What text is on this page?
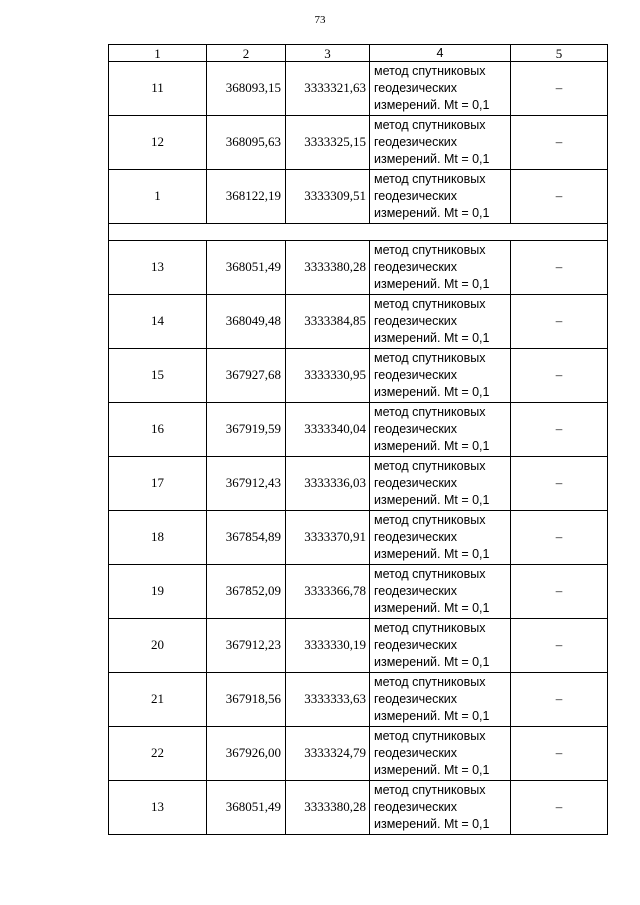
73
1	2	3	4	5
11	368093,15	3333321,63	метод спутниковых
геодезических
измерений. Mt = 0,1	–
12	368095,63	3333325,15	метод спутниковых
геодезических
измерений. Mt = 0,1	–
1	368122,19	3333309,51	метод спутниковых
геодезических
измерений. Mt = 0,1	–

13	368051,49	3333380,28	метод спутниковых
геодезических
измерений. Mt = 0,1	–
14	368049,48	3333384,85	метод спутниковых
геодезических
измерений. Mt = 0,1	–
15	367927,68	3333330,95	метод спутниковых
геодезических
измерений. Mt = 0,1	–
16	367919,59	3333340,04	метод спутниковых
геодезических
измерений. Mt = 0,1	–
17	367912,43	3333336,03	метод спутниковых
геодезических
измерений. Mt = 0,1	–
18	367854,89	3333370,91	метод спутниковых
геодезических
измерений. Mt = 0,1	–
19	367852,09	3333366,78	метод спутниковых
геодезических
измерений. Mt = 0,1	–
20	367912,23	3333330,19	метод спутниковых
геодезических
измерений. Mt = 0,1	–
21	367918,56	3333333,63	метод спутниковых
геодезических
измерений. Mt = 0,1	–
22	367926,00	3333324,79	метод спутниковых
геодезических
измерений. Mt = 0,1	–
13	368051,49	3333380,28	метод спутниковых
геодезических
измерений. Mt = 0,1	–
